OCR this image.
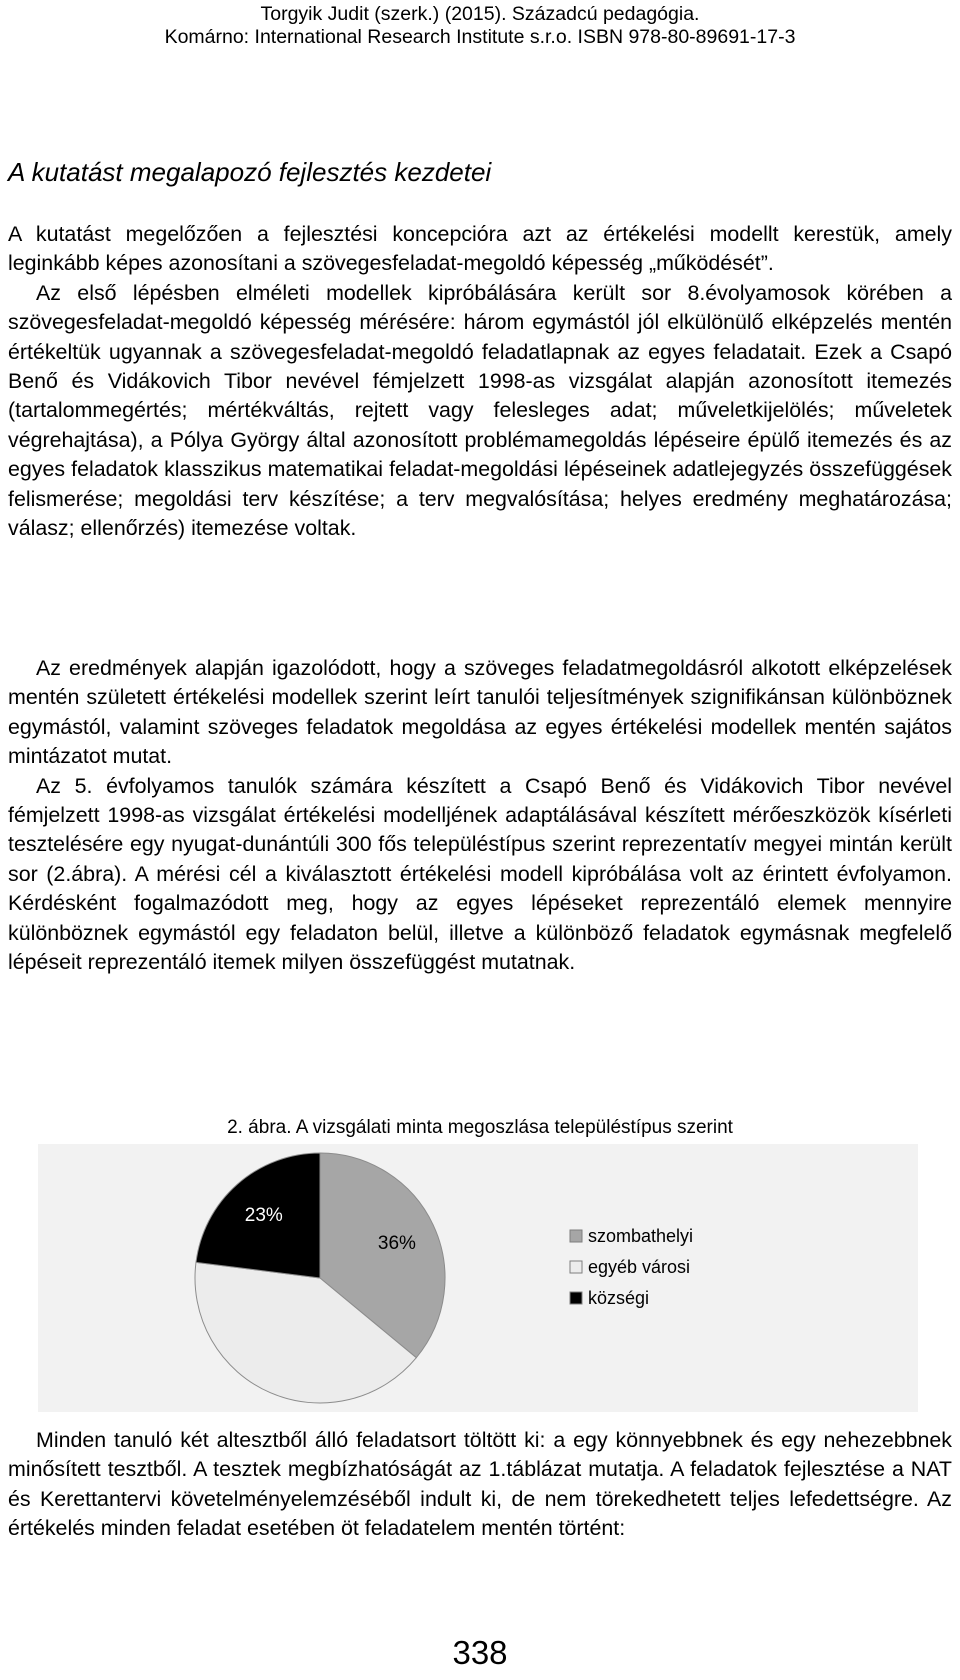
Torgyik Judit (szerk.) (2015). Századcú pedagógia.
Komárno: International Research Institute s.r.o. ISBN 978-80-89691-17-3
A kutatást megalapozó fejlesztés kezdetei

A kutatást megelőzően a fejlesztési koncepcióra azt az értékelési modellt kerestük, amely leginkább képes azonosítani a szövegesfeladat-megoldó képesség „működését”.

Az első lépésben elméleti modellek kipróbálására került sor 8.évolyamosok körében a szövegesfeladat-megoldó képesség mérésére: három egymástól jól elkülönülő elképzelés mentén értékeltük ugyannak a szövegesfeladat-megoldó feladatlapnak az egyes feladatait. Ezek a Csapó Benő és Vidákovich Tibor nevével fémjelzett 1998-as vizsgálat alapján azonosított itemezés (tartalommegértés; mértékváltás, rejtett vagy felesleges adat; műveletkijelölés; műveletek végrehajtása), a Pólya György által azonosított problémamegoldás lépéseire épülő itemezés és az egyes feladatok klasszikus matematikai feladat-megoldási lépéseinek adatlejegyzés összefüggések felismerése; megoldási terv készítése; a terv megvalósítása; helyes eredmény meghatározása; válasz; ellenőrzés) itemezése voltak.

Az eredmények alapján igazolódott, hogy a szöveges feladatmegoldásról alkotott elképzelések mentén született értékelési modellek szerint leírt tanulói teljesítmények szignifikánsan különböznek egymástól, valamint szöveges feladatok megoldása az egyes értékelési modellek mentén sajátos mintázatot mutat.

Az 5. évfolyamos tanulók számára készített a Csapó Benő és Vidákovich Tibor nevével fémjelzett 1998-as vizsgálat értékelési modelljének adaptálásával készített mérőeszközök kísérleti tesztelésére egy nyugat-dunántúli 300 fős településtípus szerint reprezentatív megyei mintán került sor (2.ábra). A mérési cél a kiválasztott értékelési modell kipróbálása volt az érintett évfolyamon. Kérdésként fogalmazódott meg, hogy az egyes lépéseket reprezentáló elemek mennyire különböznek egymástól egy feladaton belül, illetve a különböző feladatok egymásnak megfelelő lépéseit reprezentáló itemek milyen összefüggést mutatnak.

2. ábra. A vizsgálati minta megoszlása településtípus szerint
36%
23%
szombathelyi
egyéb városi
községi

Minden tanuló két altesztből álló feladatsort töltött ki: a egy könnyebbnek és egy nehezebbnek minősített tesztből. A tesztek megbízhatóságát az 1.táblázat mutatja. A feladatok fejlesztése a NAT és Kerettantervi követelményelemzéséből indult ki, de nem törekedhetett teljes lefedettségre. Az értékelés minden feladat esetében öt feladatelem mentén történt:

338
